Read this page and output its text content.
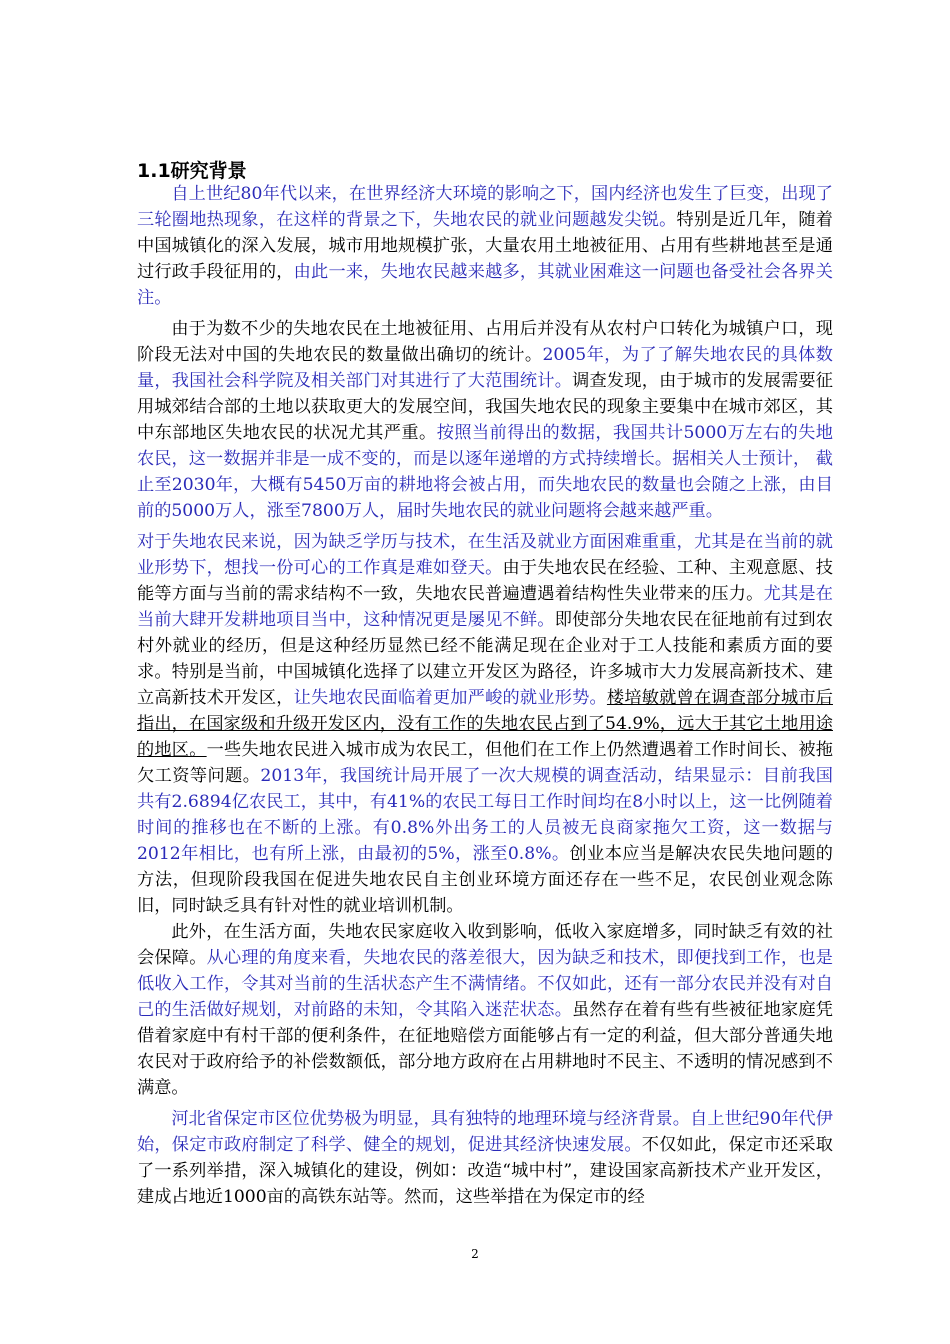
1.1研究背景

自上世纪80年代以来，在世界经济大环境的影响之下，国内经济也发生了巨变，出现了三轮圈地热现象，在这样的背景之下，失地农民的就业问题越发尖锐。特别是近几年，随着中国城镇化的深入发展，城市用地规模扩张，大量农用土地被征用、占用有些耕地甚至是通过行政手段征用的，由此一来，失地农民越来越多，其就业困难这一问题也备受社会各界关注。

由于为数不少的失地农民在土地被征用、占用后并没有从农村户口转化为城镇户口，现阶段无法对中国的失地农民的数量做出确切的统计。2005年，为了了解失地农民的具体数量，我国社会科学院及相关部门对其进行了大范围统计。调查发现，由于城市的发展需要征用城郊结合部的土地以获取更大的发展空间，我国失地农民的现象主要集中在城市郊区，其中东部地区失地农民的状况尤其严重。按照当前得出的数据，我国共计5000万左右的失地农民，这一数据并非是一成不变的，而是以逐年递增的方式持续增长。据相关人士预计， 截止至2030年，大概有5450万亩的耕地将会被占用，而失地农民的数量也会随之上涨，由目前的5000万人，涨至7800万人，届时失地农民的就业问题将会越来越严重。

对于失地农民来说，因为缺乏学历与技术，在生活及就业方面困难重重，尤其是在当前的就业形势下，想找一份可心的工作真是难如登天。由于失地农民在经验、工种、主观意愿、技能等方面与当前的需求结构不一致，失地农民普遍遭遇着结构性失业带来的压力。尤其是在当前大肆开发耕地项目当中，这种情况更是屡见不鲜。即使部分失地农民在征地前有过到农村外就业的经历，但是这种经历显然已经不能满足现在企业对于工人技能和素质方面的要求。特别是当前，中国城镇化选择了以建立开发区为路径，许多城市大力发展高新技术、建立高新技术开发区，让失地农民面临着更加严峻的就业形势。楼培敏就曾在调查部分城市后指出，在国家级和升级开发区内，没有工作的失地农民占到了54.9%，远大于其它土地用途的地区。一些失地农民进入城市成为农民工，但他们在工作上仍然遭遇着工作时间长、被拖欠工资等问题。2013年，我国统计局开展了一次大规模的调查活动，结果显示：目前我国共有2.6894亿农民工，其中，有41%的农民工每日工作时间均在8小时以上，这一比例随着时间的推移也在不断的上涨。有0.8%外出务工的人员被无良商家拖欠工资，这一数据与2012年相比，也有所上涨，由最初的5%，涨至0.8%。创业本应当是解决农民失地问题的方法，但现阶段我国在促进失地农民自主创业环境方面还存在一些不足，农民创业观念陈旧，同时缺乏具有针对性的就业培训机制。

此外，在生活方面，失地农民家庭收入收到影响，低收入家庭增多，同时缺乏有效的社会保障。从心理的角度来看，失地农民的落差很大，因为缺乏和技术，即便找到工作，也是低收入工作，令其对当前的生活状态产生不满情绪。不仅如此，还有一部分农民并没有对自己的生活做好规划，对前路的未知，令其陷入迷茫状态。虽然存在着有些有些被征地家庭凭借着家庭中有村干部的便利条件，在征地赔偿方面能够占有一定的利益，但大部分普通失地农民对于政府给予的补偿数额低，部分地方政府在占用耕地时不民主、不透明的情况感到不满意。

河北省保定市区位优势极为明显，具有独特的地理环境与经济背景。自上世纪90年代伊始，保定市政府制定了科学、健全的规划，促进其经济快速发展。不仅如此，保定市还采取了一系列举措，深入城镇化的建设，例如：改造“城中村”，建设国家高新技术产业开发区，建成占地近1000亩的高铁东站等。然而，这些举措在为保定市的经

2
